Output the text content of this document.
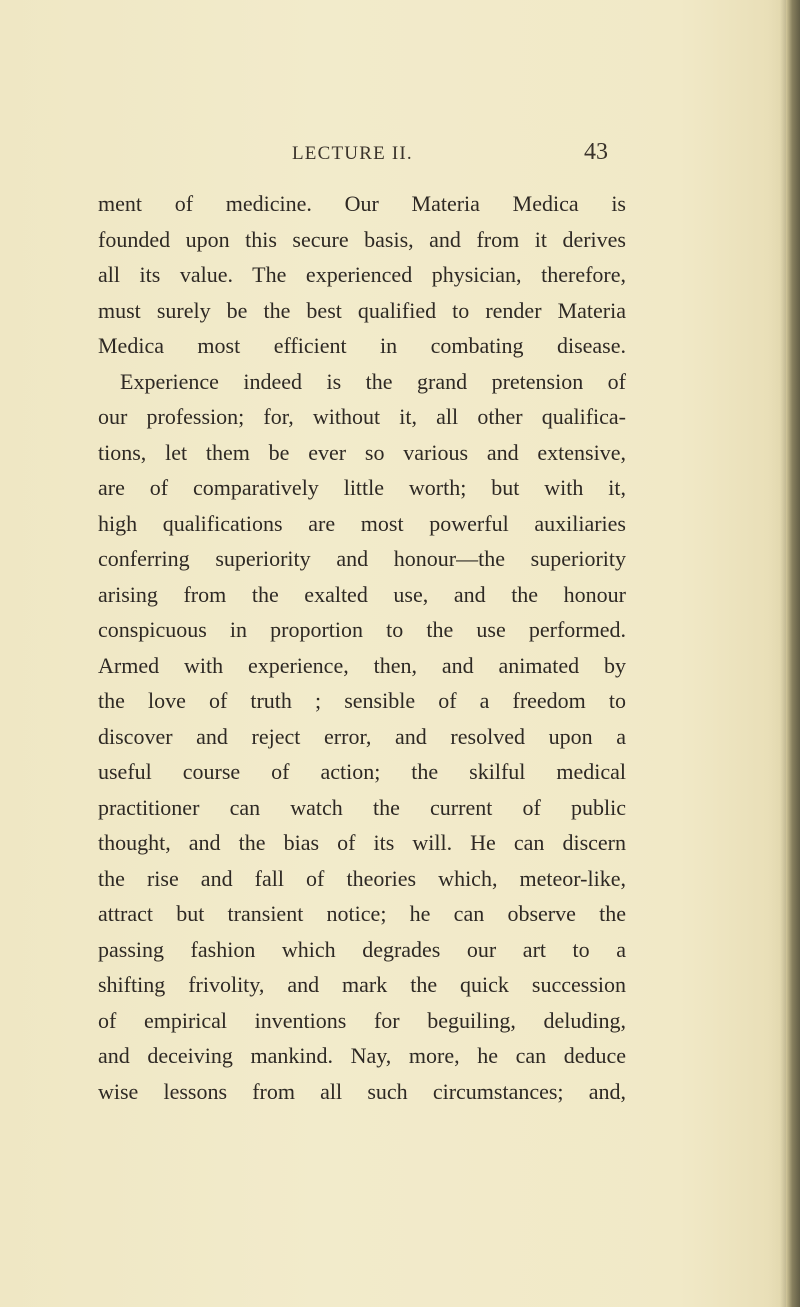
LECTURE II.	43
ment of medicine. Our Materia Medica is
founded upon this secure basis, and from it derives
all its value. The experienced physician, therefore,
must surely be the best qualified to render Materia
Medica most efficient in combating disease.
Experience indeed is the grand pretension of
our profession; for, without it, all other qualifica-
tions, let them be ever so various and extensive,
are of comparatively little worth; but with it,
high qualifications are most powerful auxiliaries
conferring superiority and honour—the superiority
arising from the exalted use, and the honour
conspicuous in proportion to the use performed.
Armed with experience, then, and animated by
the love of truth ; sensible of a freedom to
discover and reject error, and resolved upon a
useful course of action; the skilful medical
practitioner can watch the current of public
thought, and the bias of its will. He can discern
the rise and fall of theories which, meteor-like,
attract but transient notice; he can observe the
passing fashion which degrades our art to a
shifting frivolity, and mark the quick succession
of empirical inventions for beguiling, deluding,
and deceiving mankind. Nay, more, he can deduce
wise lessons from all such circumstances; and,
